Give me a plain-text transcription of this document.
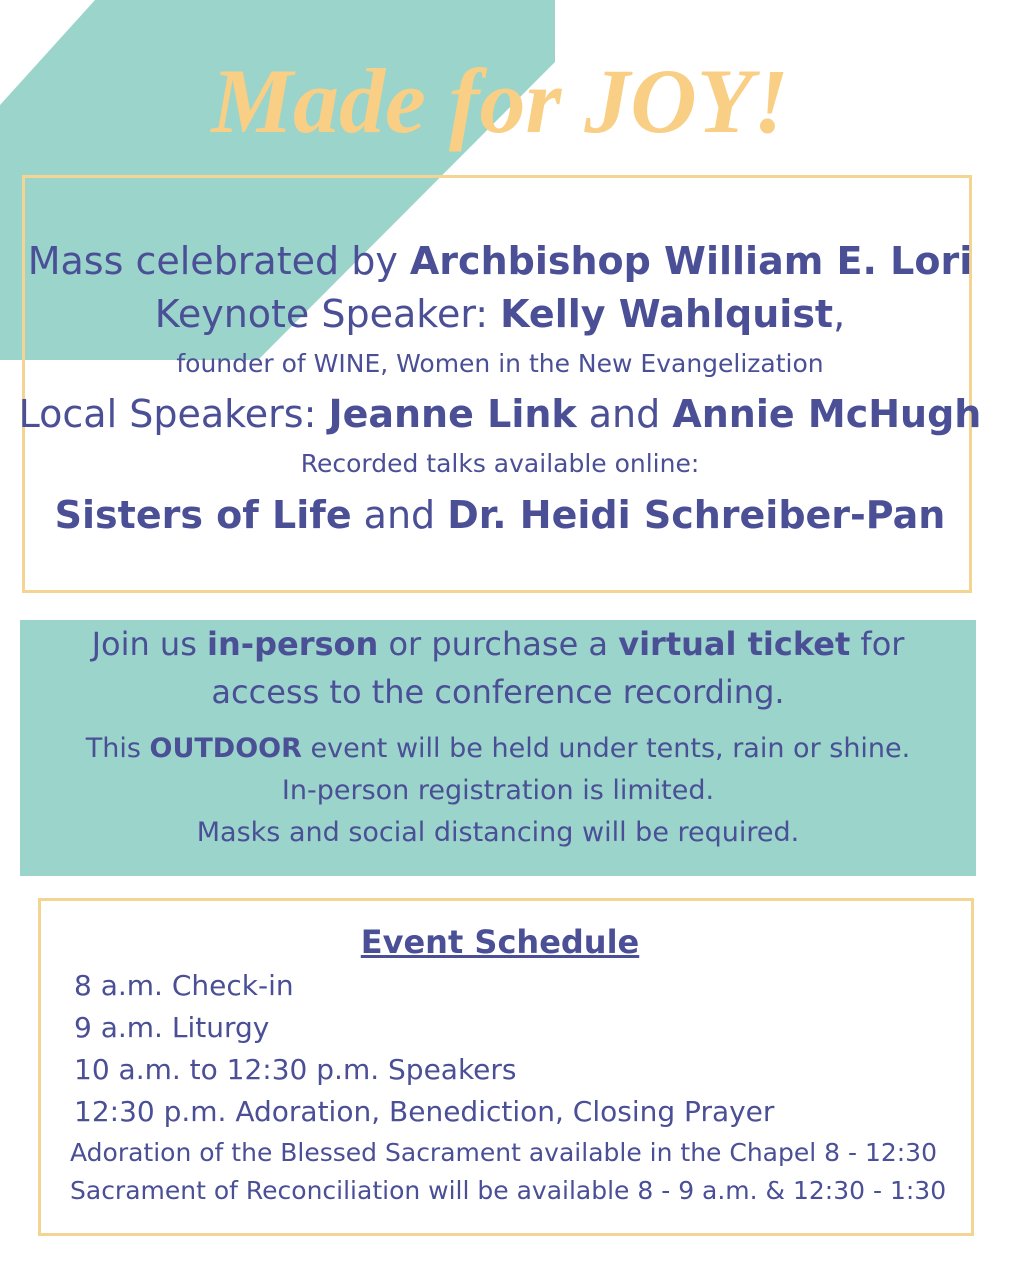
Made for JOY!
Mass celebrated by Archbishop William E. Lori
Keynote Speaker: Kelly Wahlquist,
founder of WINE, Women in the New Evangelization
Local Speakers: Jeanne Link and Annie McHugh
Recorded talks available online:
Sisters of Life and Dr. Heidi Schreiber-Pan
Join us in-person or purchase a virtual ticket for
access to the conference recording.
This OUTDOOR event will be held under tents, rain or shine.
In-person registration is limited.
Masks and social distancing will be required.
Event Schedule
8 a.m. Check-in
9 a.m. Liturgy
10 a.m. to 12:30 p.m. Speakers
12:30 p.m. Adoration, Benediction, Closing Prayer
Adoration of the Blessed Sacrament available in the Chapel 8 - 12:30
Sacrament of Reconciliation will be available 8 - 9 a.m. & 12:30 - 1:30
